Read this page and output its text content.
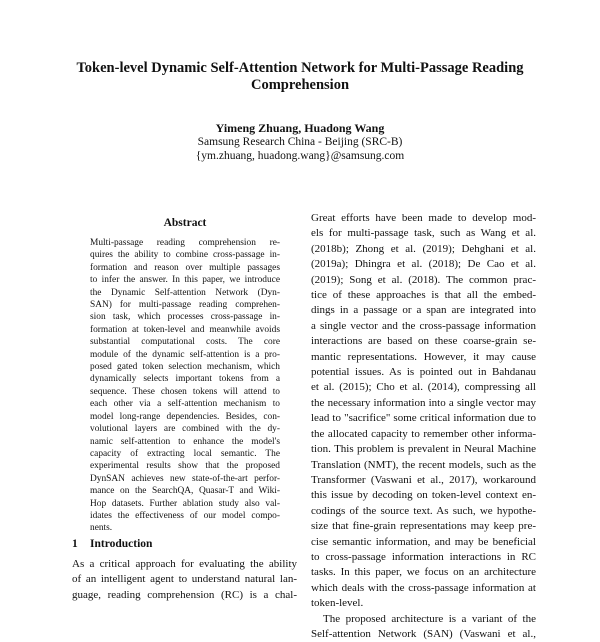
Token-level Dynamic Self-Attention Network for Multi-Passage Reading
Comprehension
Yimeng Zhuang, Huadong Wang
Samsung Research China - Beijing (SRC-B)
{ym.zhuang, huadong.wang}@samsung.com
Abstract
Multi-passage reading comprehension re-
quires the ability to combine cross-passage in-
formation and reason over multiple passages
to infer the answer. In this paper, we introduce
the Dynamic Self-attention Network (Dyn-
SAN) for multi-passage reading comprehen-
sion task, which processes cross-passage in-
formation at token-level and meanwhile avoids
substantial computational costs. The core
module of the dynamic self-attention is a pro-
posed gated token selection mechanism, which
dynamically selects important tokens from a
sequence. These chosen tokens will attend to
each other via a self-attention mechanism to
model long-range dependencies. Besides, con-
volutional layers are combined with the dy-
namic self-attention to enhance the model's
capacity of extracting local semantic. The
experimental results show that the proposed
DynSAN achieves new state-of-the-art perfor-
mance on the SearchQA, Quasar-T and Wiki-
Hop datasets. Further ablation study also val-
idates the effectiveness of our model compo-
nents.
1 Introduction
As a critical approach for evaluating the ability
of an intelligent agent to understand natural lan-
guage, reading comprehension (RC) is a chal-
Great efforts have been made to develop mod-
els for multi-passage task, such as Wang et al.
(2018b); Zhong et al. (2019); Dehghani et al.
(2019a); Dhingra et al. (2018); De Cao et al.
(2019); Song et al. (2018). The common prac-
tice of these approaches is that all the embed-
dings in a passage or a span are integrated into
a single vector and the cross-passage information
interactions are based on these coarse-grain se-
mantic representations. However, it may cause
potential issues. As is pointed out in Bahdanau
et al. (2015); Cho et al. (2014), compressing all
the necessary information into a single vector may
lead to "sacrifice" some critical information due to
the allocated capacity to remember other informa-
tion. This problem is prevalent in Neural Machine
Translation (NMT), the recent models, such as the
Transformer (Vaswani et al., 2017), workaround
this issue by decoding on token-level context en-
codings of the source text. As such, we hypothe-
size that fine-grain representations may keep pre-
cise semantic information, and may be beneficial
to cross-passage information interactions in RC
tasks. In this paper, we focus on an architecture
which deals with the cross-passage information at
token-level.
The proposed architecture is a variant of the
Self-attention Network (SAN) (Vaswani et al.,
